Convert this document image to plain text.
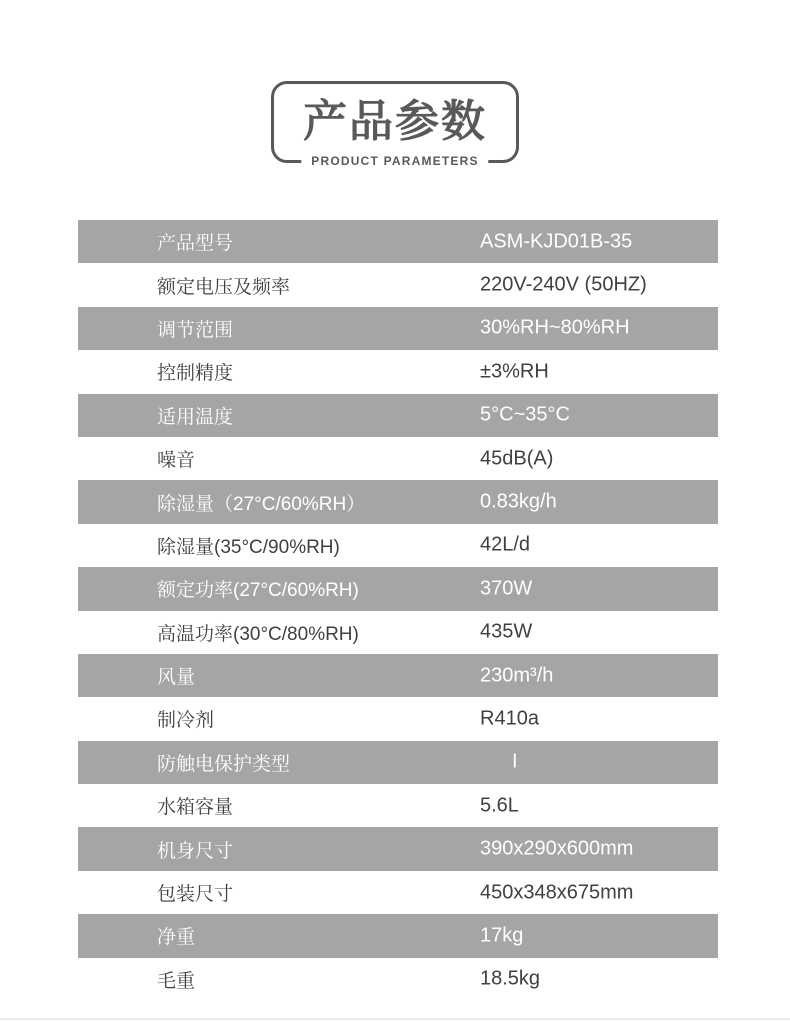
产品参数
PRODUCT PARAMETERS
产品型号	ASM-KJD01B-35
额定电压及频率	220V-240V (50HZ)
调节范围	30%RH~80%RH
控制精度	±3%RH
适用温度	5°C~35°C
噪音	45dB(A)
除湿量（27°C/60%RH）	0.83kg/h
除湿量(35°C/90%RH)	42L/d
额定功率(27°C/60%RH)	370W
高温功率(30°C/80%RH)	435W
风量	230m³/h
制冷剂	R410a
防触电保护类型	I
水箱容量	5.6L
机身尺寸	390x290x600mm
包装尺寸	450x348x675mm
净重	17kg
毛重	18.5kg
